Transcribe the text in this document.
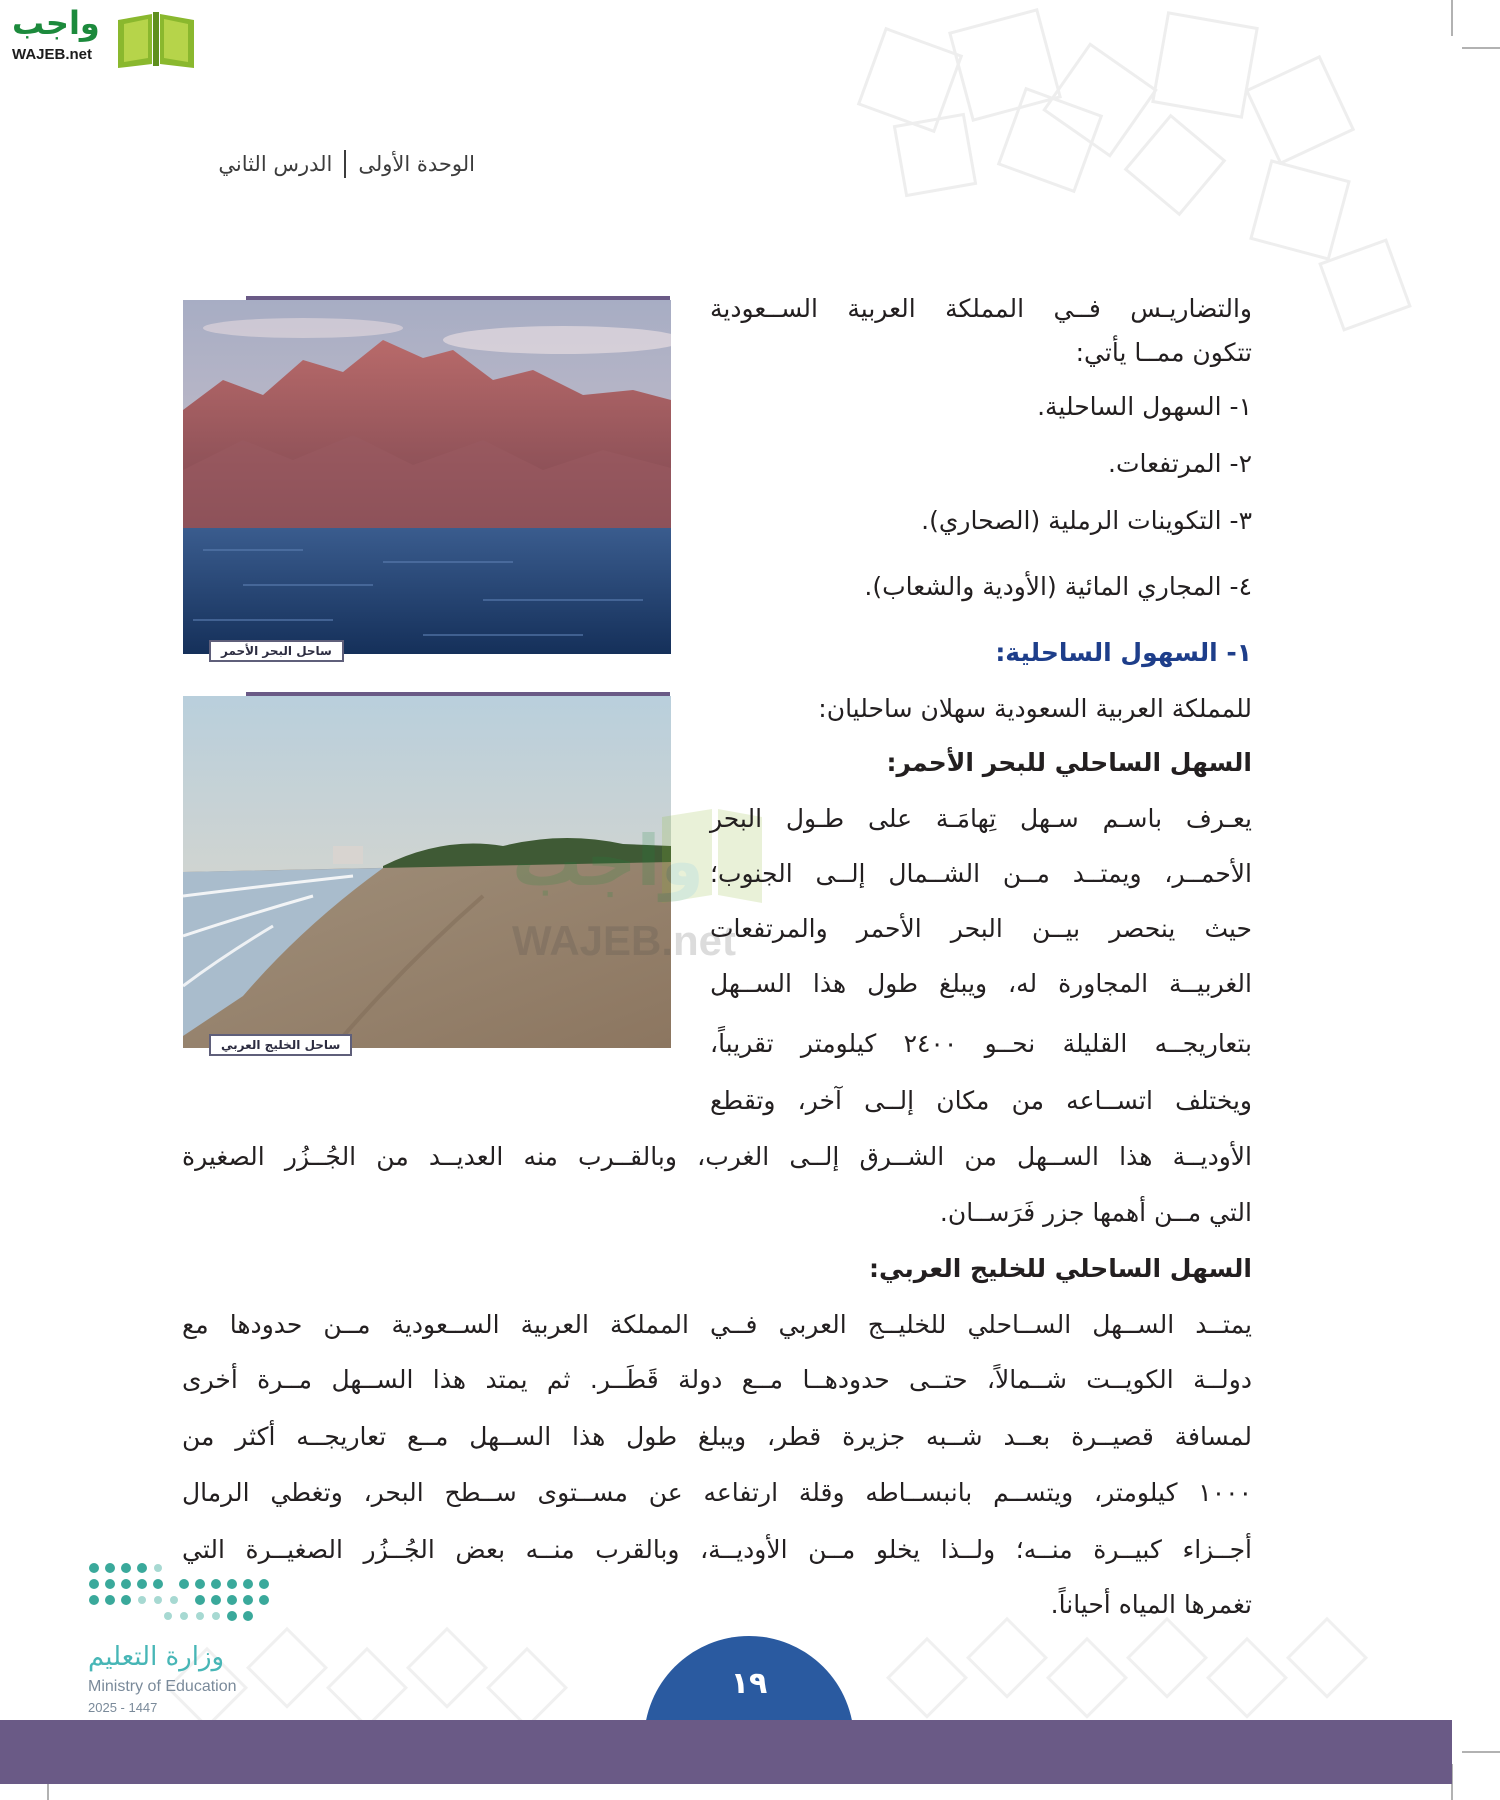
واجب
WAJEB.net
الوحدة الأولى
الدرس الثاني
ساحل البحر الأحمر
ساحل الخليج العربي
واجب
WAJEB.net
والتضاريـس فــي المملكة العربية الســعودية
تتكون ممــا يأتي:
١- السهول الساحلية.
٢- المرتفعات.
٣- التكوينات الرملية (الصحاري).
٤- المجاري المائية (الأودية والشعاب).
١- السهول الساحلية:
للمملكة العربية السعودية سهلان ساحليان:
السهل الساحلي للبحر الأحمر:
يعـرف باسـم سـهل تِهامَـة على طـول البحر
الأحمــر، ويمتــد مــن الشــمال إلــى الجنوب؛
حيث ينحصر بيــن البحر الأحمر والمرتفعات
الغربيــة المجاورة له، ويبلغ طول هذا الســهل
بتعاريجــه القليلة نحــو ٢٤٠٠ كيلومتر تقريباً،
ويختلف اتســاعه من مكان إلــى آخر، وتقطع
الأوديــة هذا الســهل من الشــرق إلــى الغرب، وبالقــرب منه العديــد من الجُــزُر الصغيرة
التي مــن أهمها جزر فَرَســان.
السهل الساحلي للخليج العربي:
يمتــد الســهل الســاحلي للخليــج العربي فــي المملكة العربية الســعودية مــن حدودها مع
دولــة الكويــت شــمالاً، حتــى حدودهــا مــع دولة قَطَــر. ثم يمتد هذا الســهل مــرة أخرى
لمسافة قصيــرة بعــد شــبه جزيرة قطر، ويبلغ طول هذا الســهل مــع تعاريجــه أكثر من
١٠٠٠ كيلومتر، ويتســم بانبســاطه وقلة ارتفاعه عن مســتوى ســطح البحر، وتغطي الرمال
أجــزاء كبيــرة منــه؛ ولــذا يخلو مــن الأوديــة، وبالقرب منــه بعض الجُــزُر الصغيــرة التي
تغمرها المياه أحياناً.
وزارة التعليم
Ministry of Education
2025 - 1447
١٩
